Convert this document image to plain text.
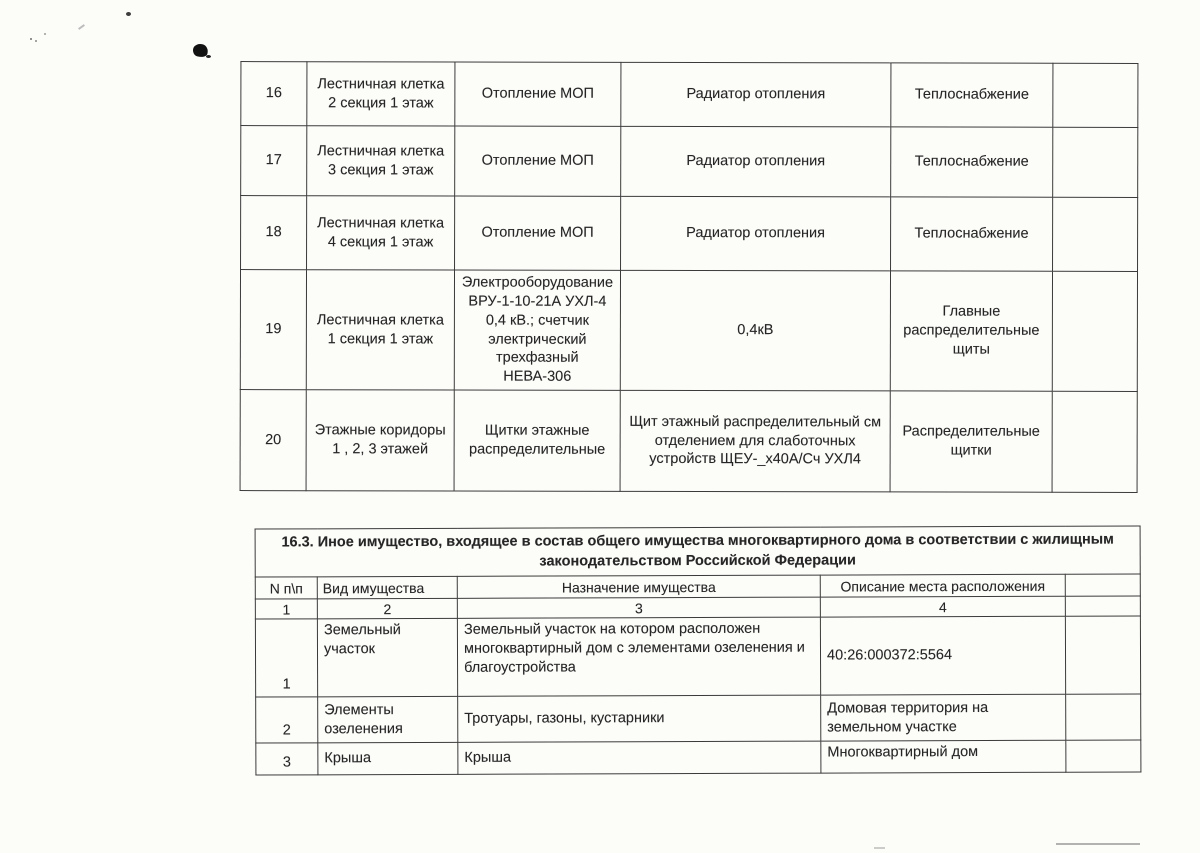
16	Лестничная клетка 2 секция 1 этаж	Отопление МОП	Радиатор отопления	Теплоснабжение	
17	Лестничная клетка 3 секция 1 этаж	Отопление МОП	Радиатор отопления	Теплоснабжение	
18	Лестничная клетка 4 секция 1 этаж	Отопление МОП	Радиатор отопления	Теплоснабжение	
19	Лестничная клетка 1 секция 1 этаж	Электрооборудование ВРУ-1-10-21А УХЛ-4 0,4 кВ.; счетчик электрический трехфазный НЕВА-306	0,4кВ	Главные распределительные щиты	
20	Этажные коридоры 1 , 2, 3 этажей	Щитки этажные распределительные	Щит этажный распределительный см отделением для слаботочных устройств ЩЕУ-_х40А/Сч УХЛ4	Распределительные щитки	
16.3. Иное имущество, входящее в состав общего имущества многоквартирного дома в соответствии с жилищным законодательством Российской Федерации				
N п\п	Вид имущества	Назначение имущества	Описание места расположения	
1	2	3	4	
1	Земельный участок	Земельный участок на котором расположен многоквартирный дом с элементами озеленения и благоустройства	40:26:000372:5564	
2	Элементы озеленения	Тротуары, газоны, кустарники	Домовая территория на земельном участке	
3	Крыша	Крыша	Многоквартирный дом	
